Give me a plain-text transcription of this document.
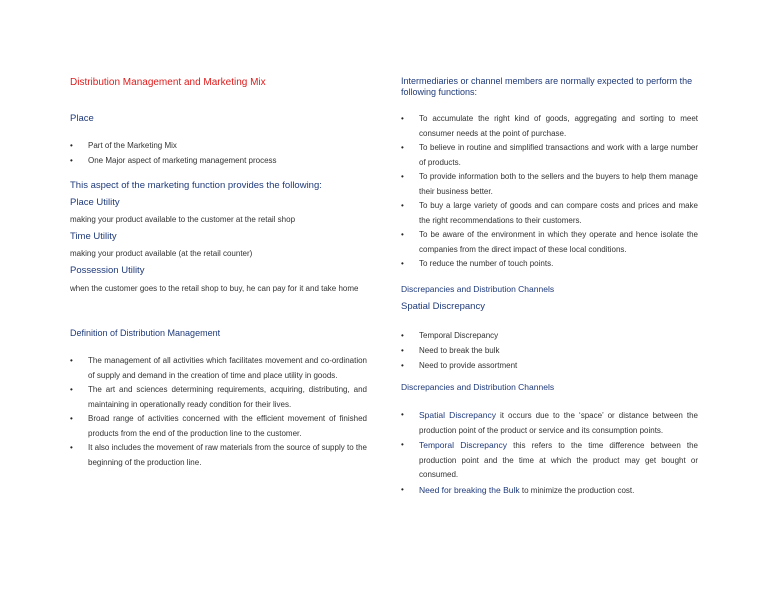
Distribution Management and Marketing Mix
Place
• Part of the Marketing Mix
• One Major aspect of marketing management process
This aspect of the marketing function provides the following:
Place Utility
making your product available to the customer at the retail shop
Time Utility
making your product available (at the retail counter)
Possession Utility
when the customer goes to the retail shop to buy, he can pay for it and take home
Definition of Distribution Management
• The management of all activities which facilitates movement and co-ordination of supply and demand in the creation of time and place utility in goods.
• The art and sciences determining requirements, acquiring, distributing, and maintaining in operationally ready condition for their lives.
• Broad range of activities concerned with the efficient movement of finished products from the end of the production line to the customer.
• It also includes the movement of raw materials from the source of supply to the beginning of the production line.
Intermediaries or channel members are normally expected to perform the following functions:
• To accumulate the right kind of goods, aggregating and sorting to meet consumer needs at the point of purchase.
• To believe in routine and simplified transactions and work with a large number of products.
• To provide information both to the sellers and the buyers to help them manage their business better.
• To buy a large variety of goods and can compare costs and prices and make the right recommendations to their customers.
• To be aware of the environment in which they operate and hence isolate the companies from the direct impact of these local conditions.
• To reduce the number of touch points.
Discrepancies and Distribution Channels
Spatial Discrepancy
• Temporal Discrepancy
• Need to break the bulk
• Need to provide assortment
Discrepancies and Distribution Channels
• Spatial Discrepancy it occurs due to the ‘space’ or distance between the production point of the product or service and its consumption points.
• Temporal Discrepancy this refers to the time difference between the production point and the time at which the product may get bought or consumed.
• Need for breaking the Bulk to minimize the production cost.
